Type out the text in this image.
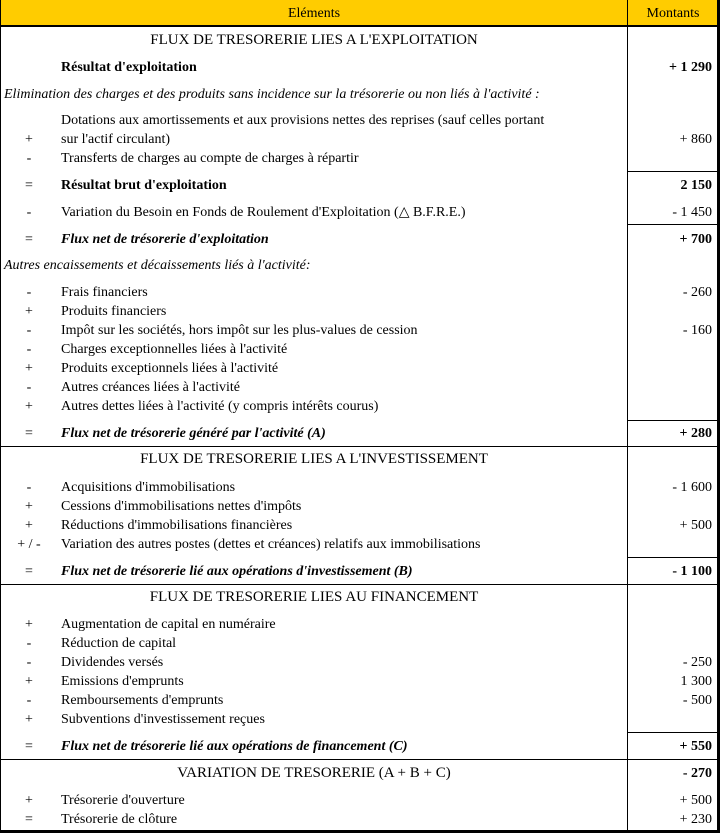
Eléments	Montants
FLUX DE TRESORERIE LIES A L'EXPLOITATION
Résultat d'exploitation	+ 1 290
Elimination des charges et des produits sans incidence sur la trésorerie ou non liés à l'activité :
Dotations aux amortissements et aux provisions nettes des reprises (sauf celles portant
+	sur l'actif circulant)	+ 860
-	Transferts de charges au compte de charges à répartir
=	Résultat brut d'exploitation	2 150
-	Variation du Besoin en Fonds de Roulement d'Exploitation (△ B.F.R.E.)	- 1 450
=	Flux net de trésorerie d'exploitation	+ 700
Autres encaissements et décaissements liés à l'activité:
-	Frais financiers	- 260
+	Produits financiers
-	Impôt sur les sociétés, hors impôt sur les plus-values de cession	- 160
-	Charges exceptionnelles liées à l'activité
+	Produits exceptionnels liées à l'activité
-	Autres créances liées à l'activité
+	Autres dettes liées à l'activité (y compris intérêts courus)
=	Flux net de trésorerie généré par l'activité (A)	+ 280
FLUX DE TRESORERIE LIES A L'INVESTISSEMENT
-	Acquisitions d'immobilisations	- 1 600
+	Cessions d'immobilisations nettes d'impôts
+	Réductions d'immobilisations financières	+ 500
+ / - Variation des autres postes (dettes et créances) relatifs aux immobilisations
=	Flux net de trésorerie lié aux opérations d'investissement (B)	- 1 100
FLUX DE TRESORERIE LIES AU FINANCEMENT
+	Augmentation de capital en numéraire
-	Réduction de capital
-	Dividendes versés	- 250
+	Emissions d'emprunts	1 300
-	Remboursements d'emprunts	- 500
+	Subventions d'investissement reçues
=	Flux net de trésorerie lié aux opérations de financement (C)	+ 550
VARIATION DE TRESORERIE (A + B + C)	- 270
+	Trésorerie d'ouverture	+ 500
=	Trésorerie de clôture	+ 230
